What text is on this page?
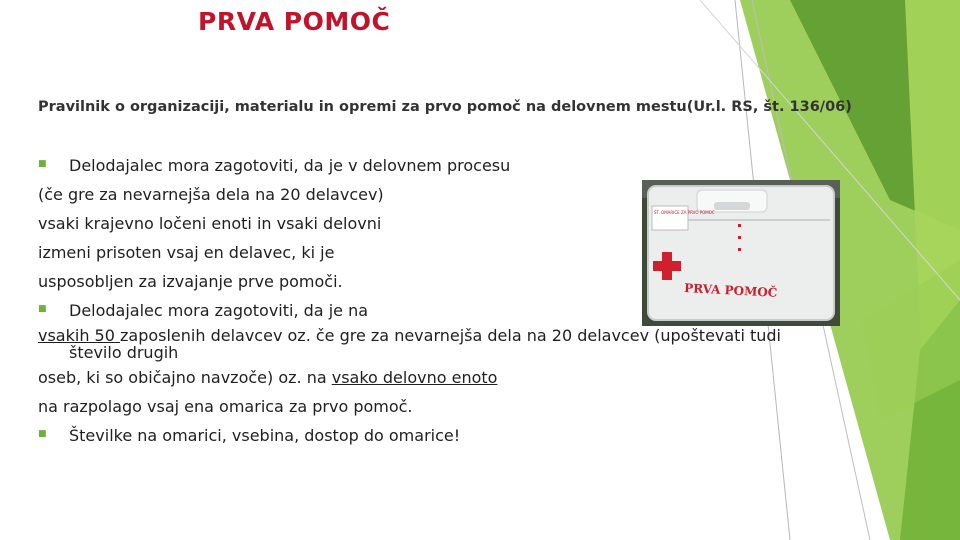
PRVA POMOČ
Pravilnik o organizaciji, materialu in opremi za prvo pomoč na delovnem mestu(Ur.l. RS, št. 136/06)
ŠT. OMARICE ZA PRVO POMOČ
PRVA POMOČ
■ Delodajalec mora zagotoviti, da je v delovnem procesu
(če gre za nevarnejša dela na 20 delavcev)
vsaki krajevno ločeni enoti in vsaki delovni
izmeni prisoten vsaj en delavec, ki je
usposobljen za izvajanje prve pomoči.
■ Delodajalec mora zagotoviti, da je na
vsakih 50 zaposlenih delavcev oz. če gre za nevarnejša dela na 20 delavcev (upoštevati tudi število drugih
oseb, ki so običajno navzoče) oz. na vsako delovno enoto
na razpolago vsaj ena omarica za prvo pomoč.
■ Številke na omarici, vsebina, dostop do omarice!
